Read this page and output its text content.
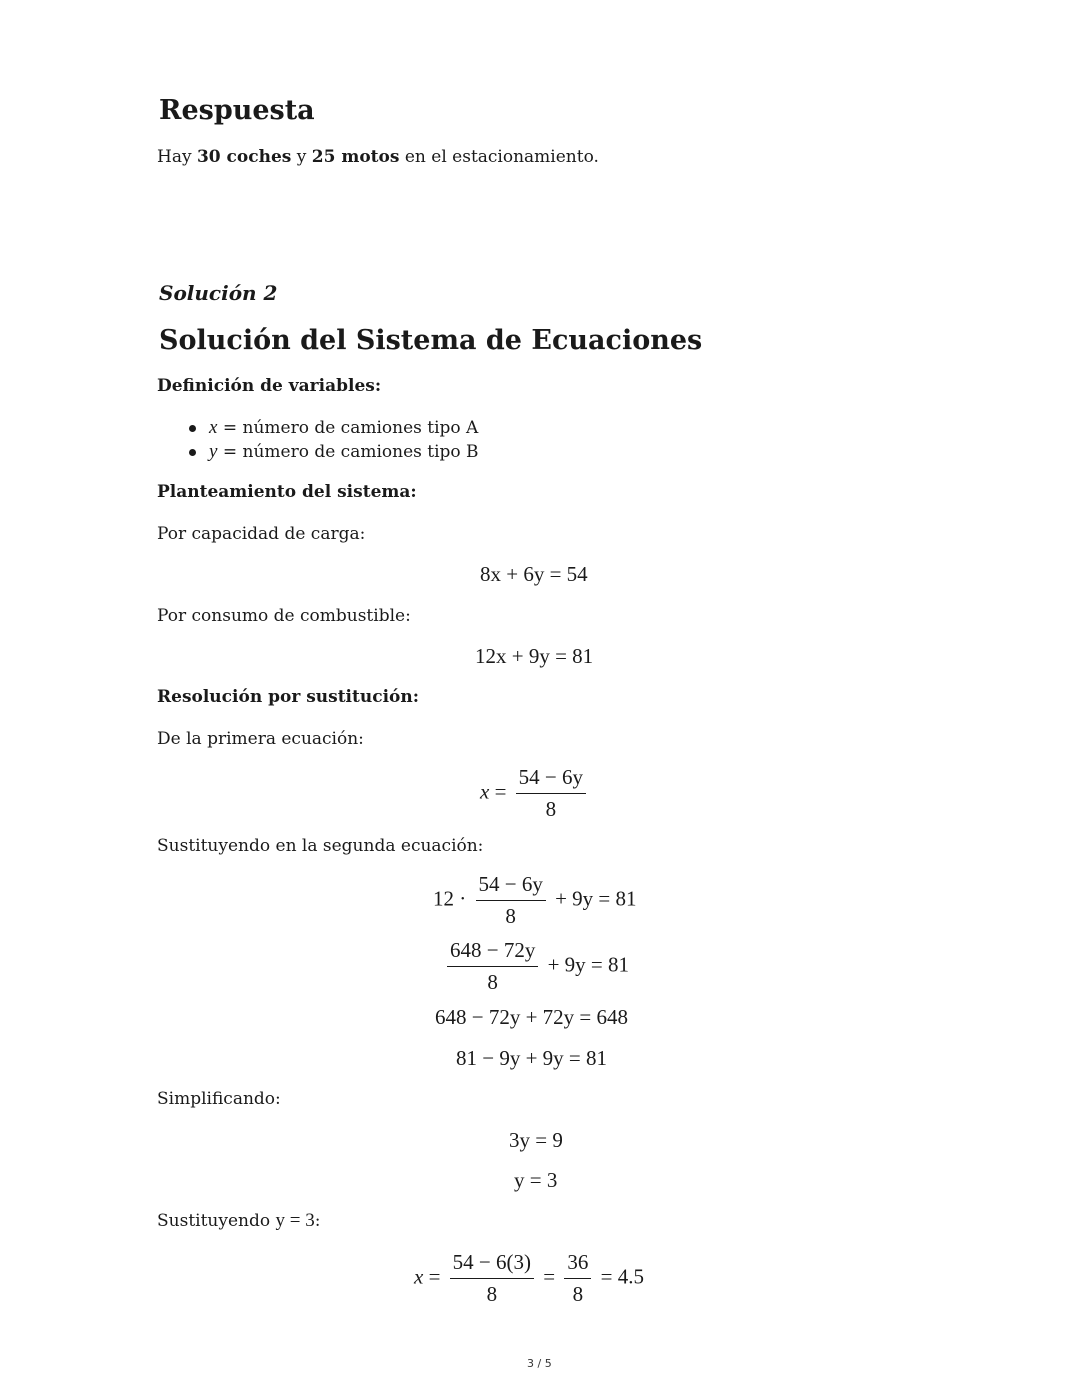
Respuesta
Hay 30 coches y 25 motos en el estacionamiento.
Solución 2
Solución del Sistema de Ecuaciones
Definición de variables:
x = número de camiones tipo A
y = número de camiones tipo B
Planteamiento del sistema:
Por capacidad de carga:
8x + 6y = 54
Por consumo de combustible:
12x + 9y = 81
Resolución por sustitución:
De la primera ecuación:
$x = \frac{54 - 6y}{8}$
Sustituyendo en la segunda ecuación:
$12 \cdot \frac{54 - 6y}{8} + 9y = 81$
$\frac{648 - 72y}{8} + 9y = 81$
648 − 72y + 72y = 648
81 − 9y + 9y = 81
Simplificando:
3y = 9
y = 3
Sustituyendo y = 3:
$x = \frac{54 - 6(3)}{8} = \frac{36}{8} = 4.5$
3 / 5
